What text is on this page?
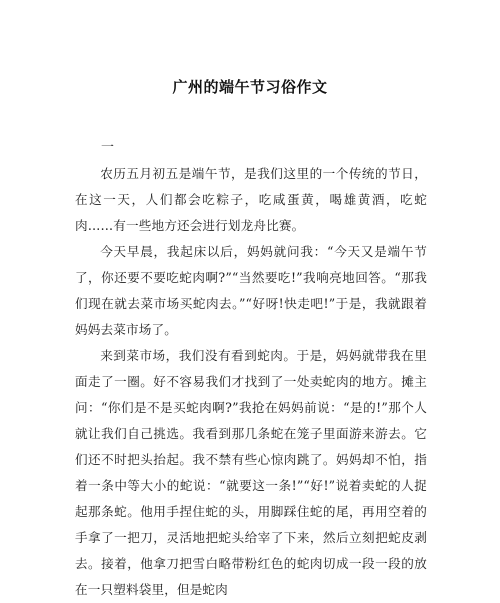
广州的端午节习俗作文
一

农历五月初五是端午节，是我们这里的一个传统的节日，在这一天，人们都会吃粽子，吃咸蛋黄，喝雄黄酒，吃蛇肉……有一些地方还会进行划龙舟比赛。

今天早晨，我起床以后，妈妈就问我：“今天又是端午节了，你还要不要吃蛇肉啊?”“当然要吃!”我响亮地回答。“那我们现在就去菜市场买蛇肉去。”“好呀!快走吧!”于是，我就跟着妈妈去菜市场了。

来到菜市场，我们没有看到蛇肉。于是，妈妈就带我在里面走了一圈。好不容易我们才找到了一处卖蛇肉的地方。摊主问：“你们是不是买蛇肉啊?”我抢在妈妈前说：“是的!”那个人就让我们自己挑选。我看到那几条蛇在笼子里面游来游去。它们还不时把头抬起。我不禁有些心惊肉跳了。妈妈却不怕，指着一条中等大小的蛇说：“就要这一条!”“好!”说着卖蛇的人捉起那条蛇。他用手捏住蛇的头，用脚踩住蛇的尾，再用空着的手拿了一把刀，灵活地把蛇头给宰了下来，然后立刻把蛇皮剥去。接着，他拿刀把雪白略带粉红色的蛇肉切成一段一段的放在一只塑料袋里，但是蛇肉
